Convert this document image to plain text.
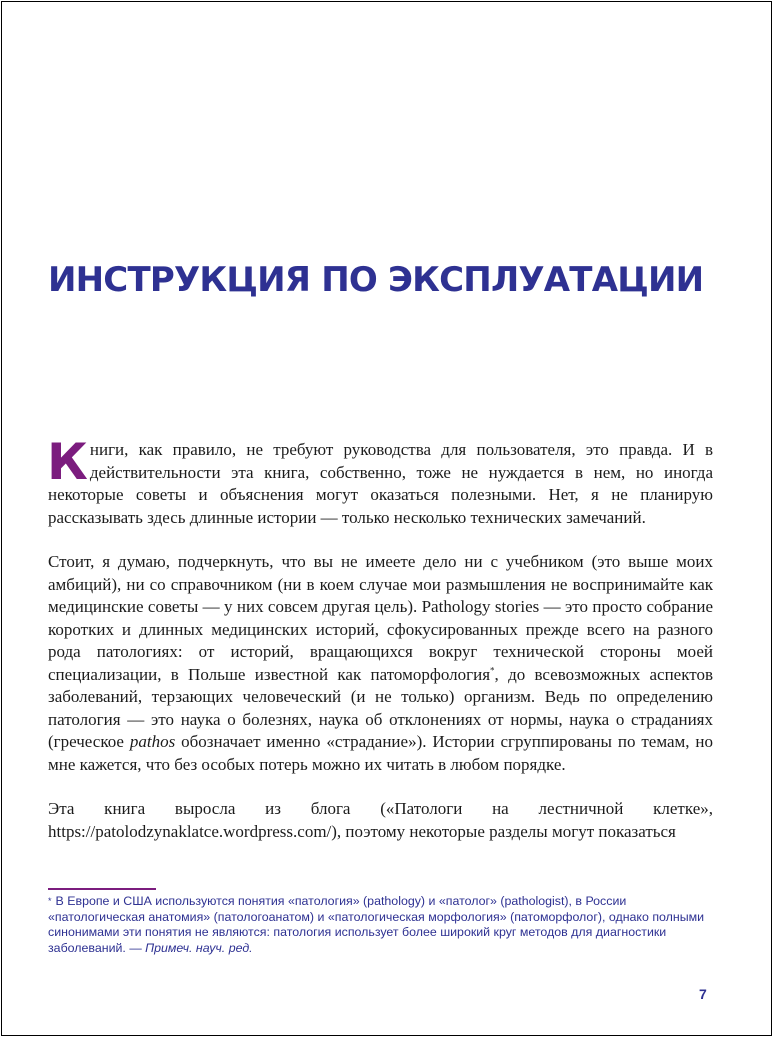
ИНСТРУКЦИЯ ПО ЭКСПЛУАТАЦИИ

Книги, как правило, не требуют руководства для пользователя, это правда. И в действительности эта книга, собственно, тоже не нуждается в нем, но иногда некоторые советы и объяснения могут оказаться полезными. Нет, я не планирую рассказывать здесь длинные истории — только несколько технических замечаний.

Стоит, я думаю, подчеркнуть, что вы не имеете дело ни с учебником (это выше моих амбиций), ни со справочником (ни в коем случае мои размышления не воспринимайте как медицинские советы — у них совсем другая цель). Pathology stories — это просто собрание коротких и длинных медицинских историй, сфокусированных прежде всего на разного рода патологиях: от историй, вращающихся вокруг технической стороны моей специализации, в Польше известной как патоморфология*, до всевозможных аспектов заболеваний, терзающих человеческий (и не только) организм. Ведь по определению патология — это наука о болезнях, наука об отклонениях от нормы, наука о страданиях (греческое pathos обозначает именно «страдание»). Истории сгруппированы по темам, но мне кажется, что без особых потерь можно их читать в любом порядке.

Эта книга выросла из блога («Патологи на лестничной клетке», https://patolodzynaklatce.wordpress.com/), поэтому некоторые разделы могут показаться

* В Европе и США используются понятия «патология» (pathology) и «патолог» (pathologist), в России «патологическая анатомия» (патологоанатом) и «патологическая морфология» (патоморфолог), однако полными синонимами эти понятия не являются: патология использует более широкий круг методов для диагностики заболеваний. — Примеч. науч. ред.
7
